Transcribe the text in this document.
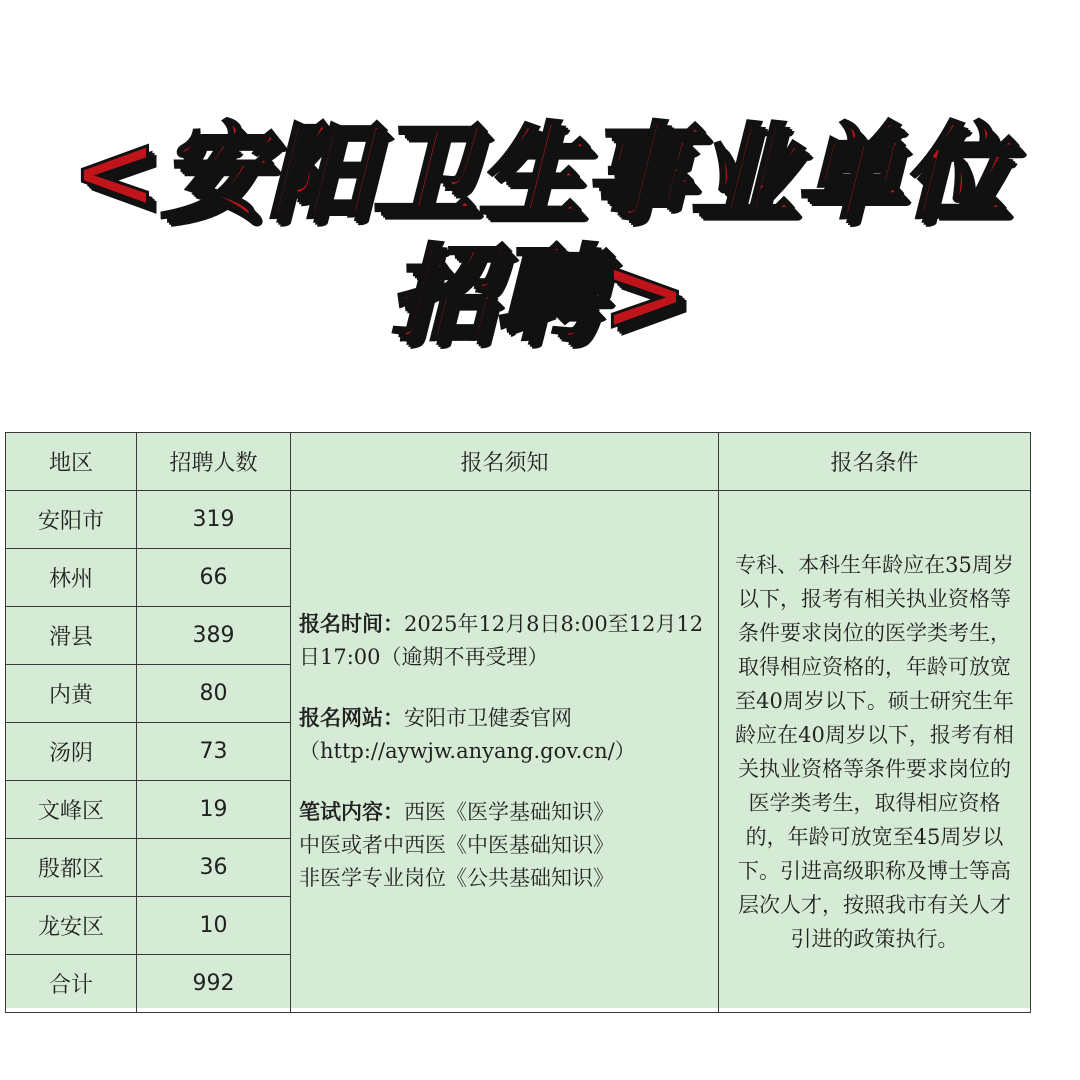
<安阳卫生事业单位
招聘>
地区	招聘人数	报名须知	报名条件
安阳市	319	报名时间：2025年12月8日8:00至12月12日17:00（逾期不再受理）
报名网站：安阳市卫健委官网（http://aywjw.anyang.gov.cn/）
笔试内容：西医《医学基础知识》
中医或者中西医《中医基础知识》
非医学专业岗位《公共基础知识》	专科、本科生年龄应在35周岁以下，报考有相关执业资格等条件要求岗位的医学类考生，取得相应资格的，年龄可放宽至40周岁以下。硕士研究生年龄应在40周岁以下，报考有相关执业资格等条件要求岗位的医学类考生，取得相应资格的，年龄可放宽至45周岁以下。引进高级职称及博士等高层次人才，按照我市有关人才引进的政策执行。
林州	66		
滑县	389		
内黄	80		
汤阴	73		
文峰区	19		
殷都区	36		
龙安区	10		
合计	992		
